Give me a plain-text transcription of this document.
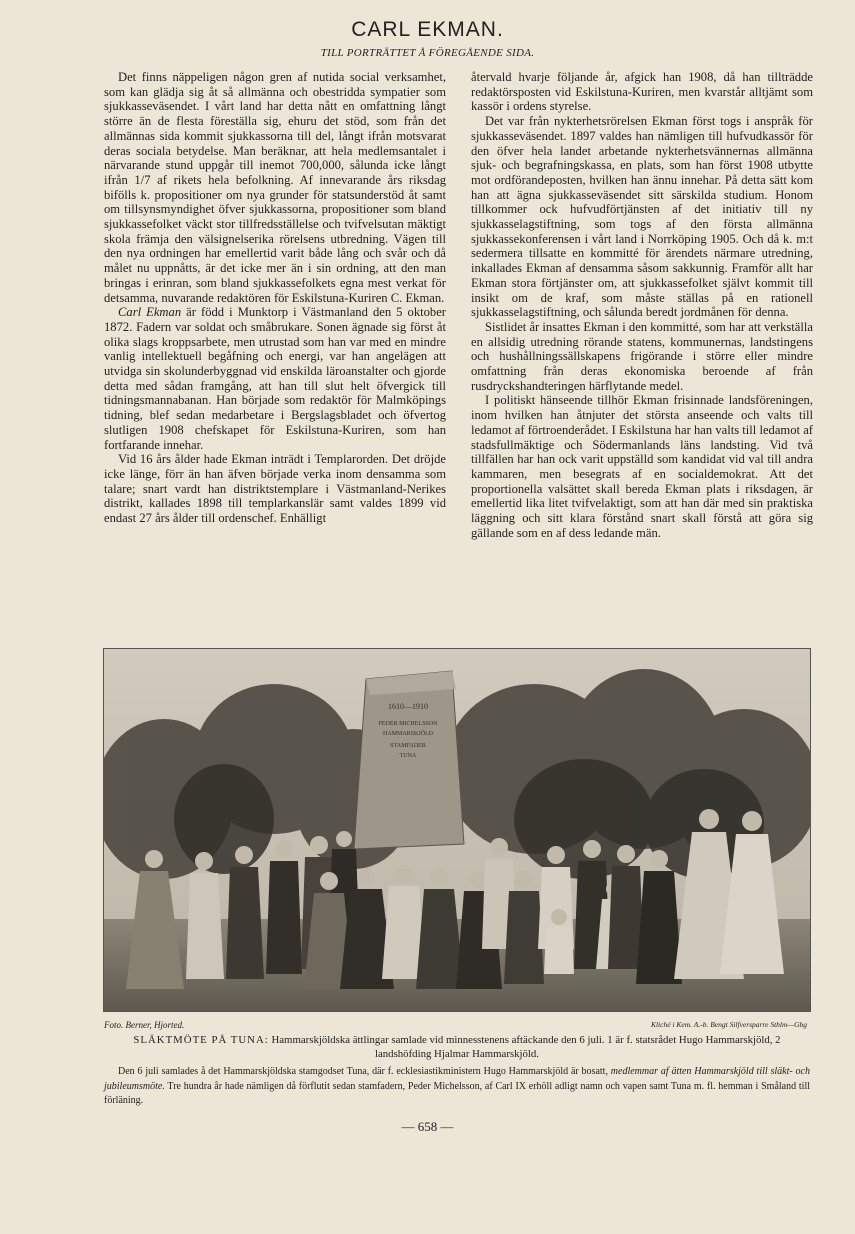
CARL EKMAN.
TILL PORTRÄTTET Å FÖREGÅENDE SIDA.

Det finns näppeligen någon gren af nutida social verksamhet, som kan glädja sig åt så allmänna och obestridda sympatier som sjukkasseväsendet. I vårt land har detta nått en omfattning långt större än de flesta föreställa sig, ehuru det stöd, som från det allmännas sida kommit sjukkassorna till del, långt ifrån motsvarat deras sociala betydelse. Man beräknar, att hela medlemsantalet i närvarande stund uppgår till inemot 700,000, sålunda icke långt ifrån 1/7 af rikets hela befolkning. Af innevarande års riksdag bifölls k. propositioner om nya grunder för statsunderstöd åt samt om tillsynsmyndighet öfver sjukkassorna, propositioner som bland sjukkassefolket väckt stor tillfredsställelse och tvifvelsutan mäktigt skola främja den välsignelserika rörelsens utbredning. Vägen till den nya ordningen har emellertid varit både lång och svår och då målet nu uppnåtts, är det icke mer än i sin ordning, att den man bringas i erinran, som bland sjukkassefolkets egna mest verkat för detsamma, nuvarande redaktören för Eskilstuna-Kuriren C. Ekman.

Carl Ekman är född i Munktorp i Västmanland den 5 oktober 1872. Fadern var soldat och småbrukare. Sonen ägnade sig först åt olika slags kroppsarbete, men utrustad som han var med en mindre vanlig intellektuell begåfning och energi, var han angelägen att utvidga sin skolunderbyggnad vid enskilda läroanstalter och gjorde detta med sådan framgång, att han till slut helt öfvergick till tidningsmannabanan. Han började som redaktör för Malmköpings tidning, blef sedan medarbetare i Bergslagsbladet och öfvertog slutligen 1908 chefskapet för Eskilstuna-Kuriren, som han fortfarande innehar.

Vid 16 års ålder hade Ekman inträdt i Templarorden. Det dröjde icke länge, förr än han äfven började verka inom densamma som talare; snart vardt han distriktstemplare i Västmanland-Nerikes distrikt, kallades 1898 till templarkanslär samt valdes 1899 vid endast 27 års ålder till ordenschef. Enhälligt

återvald hvarje följande år, afgick han 1908, då han tillträdde redaktörsposten vid Eskilstuna-Kuriren, men kvarstår alltjämt som kassör i ordens styrelse.

Det var från nykterhetsrörelsen Ekman först togs i anspråk för sjukkasseväsendet. 1897 valdes han nämligen till hufvudkassör för den öfver hela landet arbetande nykterhetsvännernas allmänna sjuk- och begrafningskassa, en plats, som han först 1908 utbytte mot ordförandeposten, hvilken han ännu innehar. På detta sätt kom han att ägna sjukkasseväsendet sitt särskilda studium. Honom tillkommer ock hufvudförtjänsten af det initiativ till ny sjukkasselagstiftning, som togs af den första allmänna sjukkassekonferensen i vårt land i Norrköping 1905. Och då k. m:t sedermera tillsatte en kommitté för ärendets närmare utredning, inkallades Ekman af densamma såsom sakkunnig. Framför allt har Ekman stora förtjänster om, att sjukkassefolket självt kommit till insikt om de kraf, som måste ställas på en rationell sjukkasselagstiftning, och sålunda beredt jordmånen för denna.

Sistlidet år insattes Ekman i den kommitté, som har att verkställa en allsidig utredning rörande statens, kommunernas, landstingens och hushållningssällskapens frigörande i större eller mindre omfattning från deras ekonomiska beroende af från rusdryckshandteringen härflytande medel.

I politiskt hänseende tillhör Ekman frisinnade landsföreningen, inom hvilken han åtnjuter det största anseende och valts till ledamot af förtroenderådet. I Eskilstuna har han valts till ledamot af stadsfullmäktige och Södermanlands läns landsting. Vid två tillfällen har han ock varit uppställd som kandidat vid val till andra kammaren, men besegrats af en socialdemokrat. Att det proportionella valsättet skall bereda Ekman plats i riksdagen, är emellertid lika litet tvifvelaktigt, som att han där med sin praktiska läggning och sitt klara förstånd snart skall förstå att göra sig gällande som en af dess ledande män.

1610—1910
PEDER MICHELSSON
HAMMARSKJÖLD
STAMFADER
TUNA
Foto. Berner, Hjorted.	Kliché i Kem. A.-b. Bengt Silfversparre Sthlm—Gbg
SLÄKTMÖTE PÅ TUNA: Hammarskjöldska ättlingar samlade vid minnesstenens aftäckande den 6 juli. 1 är f. statsrådet Hugo Hammarskjöld, 2 landshöfding Hjalmar Hammarskjöld.
Den 6 juli samlades å det Hammarskjöldska stamgodset Tuna, där f. ecklesiastikministern Hugo Hammarskjöld är bosatt, medlemmar af ätten Hammarskjöld till släkt- och jubileumsmöte. Tre hundra år hade nämligen då förflutit sedan stamfadern, Peder Michelsson, af Carl IX erhöll adligt namn och vapen samt Tuna m. fl. hemman i Småland till förläning.
— 658 —
